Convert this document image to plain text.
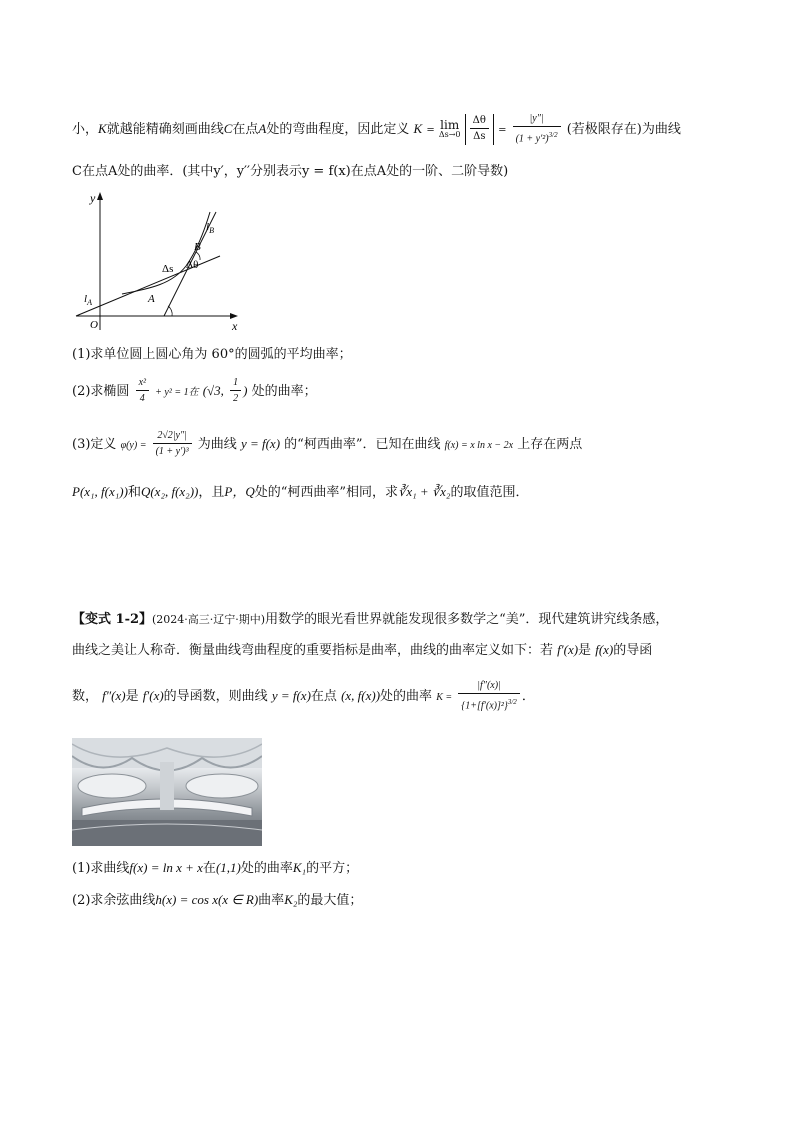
小，K就越能精确刻画曲线C在点A处的弯曲程度，因此定义 K = lim
Δs→0
$\frac{\Delta\theta}{\Delta s} = \frac{|y''|}{(1 + y'^2)^{3/2}}$ (若极限存在)为曲线
C在点A处的曲率．(其中y′，y′′分别表示y = f(x)在点A处的一阶、二阶导数)
y
x
O
$l_B$
B
Δs Δθ
A
$l_A$
(1)求单位圆上圆心角为 60°的圆弧的平均曲率；
(2)求椭圆 $\frac{\text{x²}}{4} + y^2 = 1$在 (√3, $\frac{1}{2}$ ) 处的曲率；
(3)定义 $\varphi(y) = \frac{2√2|y''|}{\text{(1 + y′)³}}$ 为曲线 y = f(x) 的“柯西曲率”．已知在曲线 f(x) = x ln x − 2x 上存在两点
P(x₁, f(x₁))和Q(x₂, f(x₂))，且P，Q处的“柯西曲率”相同，求∛x₁ + ∛x₂的取值范围．
【变式 1-2】(2024·高三·辽宁·期中)用数学的眼光看世界就能发现很多数学之“美”．现代建筑讲究线条感，
曲线之美让人称奇．衡量曲线弯曲程度的重要指标是曲率，曲线的曲率定义如下：若 f′(x)是 f(x)的导函
数， f″(x)是 f′(x)的导函数，则曲线 y = f(x)在点 (x, f(x))处的曲率 $K = \frac{|f''(x)|}{\{1+[f'(x)]^2\}^{3/2}}$ ．
(1)求曲线f(x) = ln x + x在(1,1)处的曲率K₁的平方；
(2)求余弦曲线h(x) = cos x(x ∈ R)曲率K₂的最大值；
